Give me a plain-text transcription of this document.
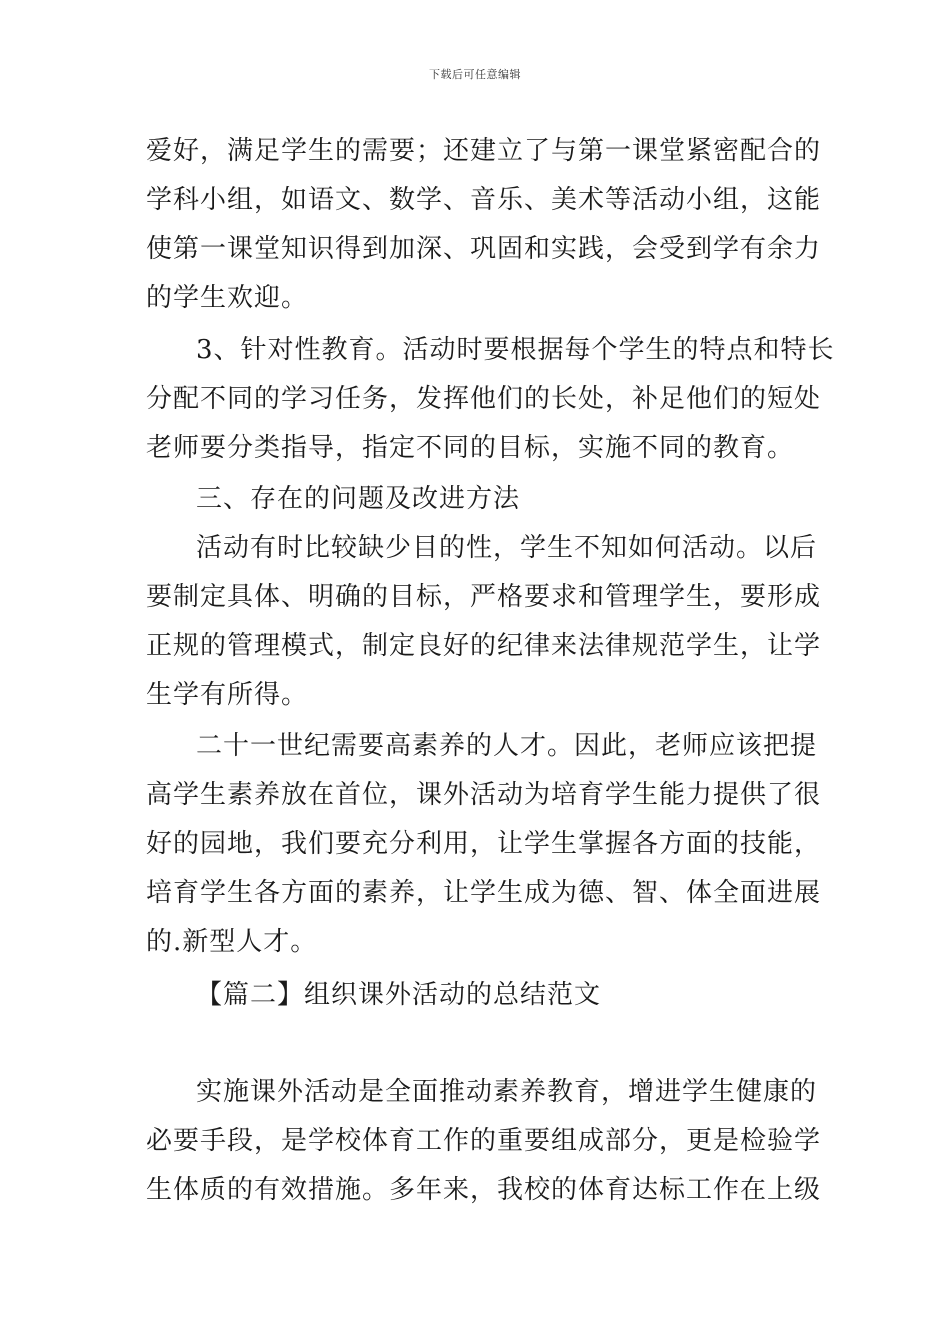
下载后可任意编辑
爱好，满足学生的需要；还建立了与第一课堂紧密配合的
学科小组，如语文、数学、音乐、美术等活动小组，这能
使第一课堂知识得到加深、巩固和实践，会受到学有余力
的学生欢迎。
3、针对性教育。活动时要根据每个学生的特点和特长
分配不同的学习任务，发挥他们的长处，补足他们的短处
老师要分类指导，指定不同的目标，实施不同的教育。
三、存在的问题及改进方法
活动有时比较缺少目的性，学生不知如何活动。以后
要制定具体、明确的目标，严格要求和管理学生，要形成
正规的管理模式，制定良好的纪律来法律规范学生，让学
生学有所得。
二十一世纪需要高素养的人才。因此，老师应该把提
高学生素养放在首位，课外活动为培育学生能力提供了很
好的园地，我们要充分利用，让学生掌握各方面的技能，
培育学生各方面的素养，让学生成为德、智、体全面进展
的.新型人才。
【篇二】组织课外活动的总结范文
实施课外活动是全面推动素养教育，增进学生健康的
必要手段，是学校体育工作的重要组成部分，更是检验学
生体质的有效措施。多年来，我校的体育达标工作在上级
